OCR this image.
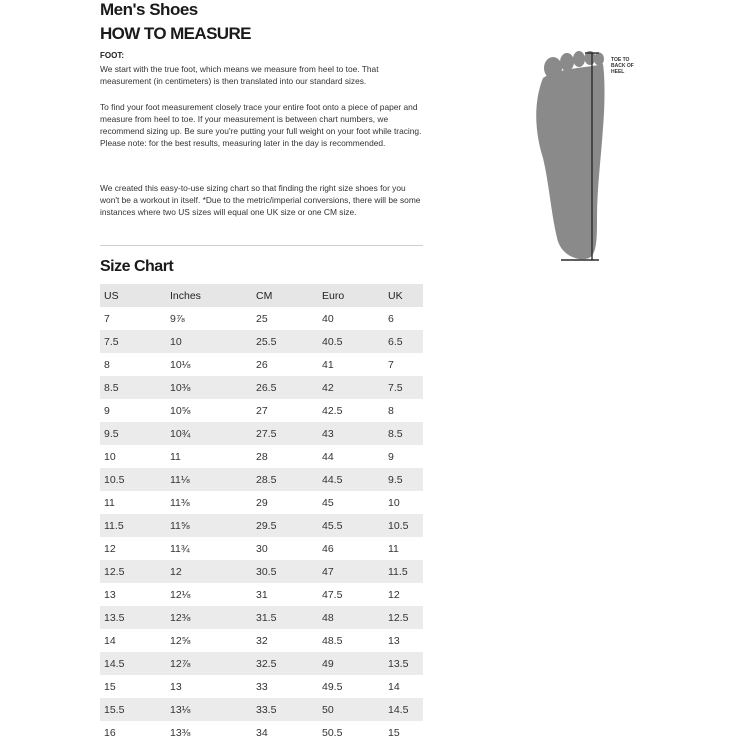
Men's Shoes
HOW TO MEASURE
FOOT:
We start with the true foot, which means we measure from heel to toe. That measurement (in centimeters) is then translated into our standard sizes.
To find your foot measurement closely trace your entire foot onto a piece of paper and measure from heel to toe. If your measurement is between chart numbers, we recommend sizing up. Be sure you're putting your full weight on your foot while tracing. Please note: for the best results, measuring later in the day is recommended.
We created this easy-to-use sizing chart so that finding the right size shoes for you won't be a workout in itself. *Due to the metric/imperial conversions, there will be some instances where two US sizes will equal one UK size or one CM size.
Size Chart
US	Inches	CM	Euro	UK
7	9⅞	25	40	6
7.5	10	25.5	40.5	6.5
8	10⅛	26	41	7
8.5	10⅜	26.5	42	7.5
9	10⅝	27	42.5	8
9.5	10¾	27.5	43	8.5
10	11	28	44	9
10.5	11⅛	28.5	44.5	9.5
11	11⅜	29	45	10
11.5	11⅝	29.5	45.5	10.5
12	11¾	30	46	11
12.5	12	30.5	47	11.5
13	12⅛	31	47.5	12
13.5	12⅜	31.5	48	12.5
14	12⅝	32	48.5	13
14.5	12⅞	32.5	49	13.5
15	13	33	49.5	14
15.5	13⅛	33.5	50	14.5
16	13⅜	34	50.5	15
TOE TO
BACK OF
HEEL
